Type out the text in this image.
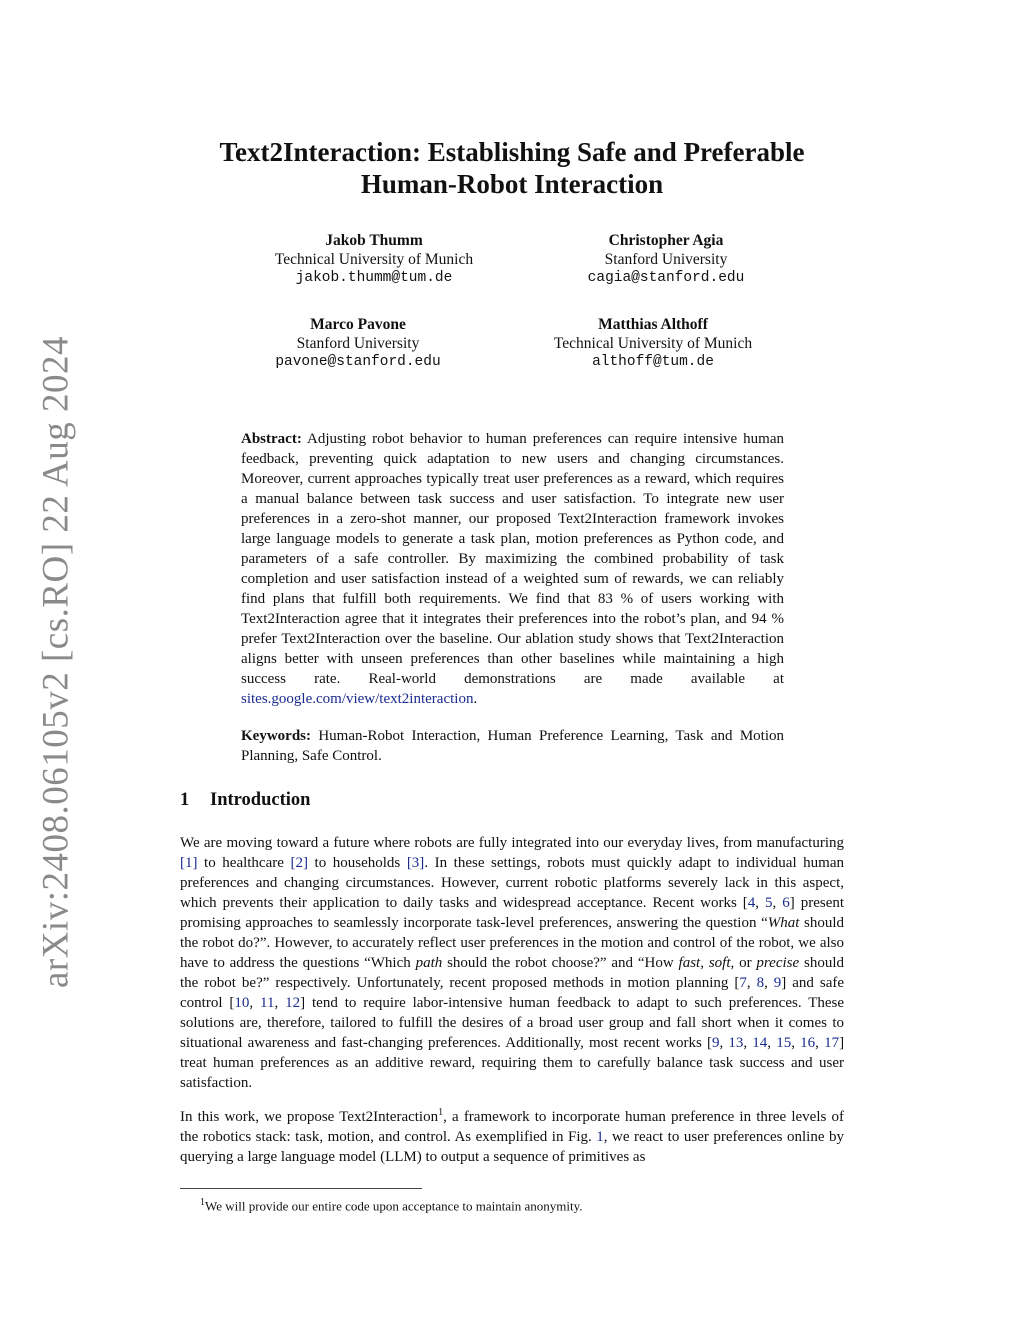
arXiv:2408.06105v2 [cs.RO] 22 Aug 2024
Text2Interaction: Establishing Safe and Preferable
Human-Robot Interaction
Jakob Thumm
Technical University of Munich
jakob.thumm@tum.de
Christopher Agia
Stanford University
cagia@stanford.edu
Marco Pavone
Stanford University
pavone@stanford.edu
Matthias Althoff
Technical University of Munich
althoff@tum.de
Abstract: Adjusting robot behavior to human preferences can require intensive human feedback, preventing quick adaptation to new users and changing circumstances. Moreover, current approaches typically treat user preferences as a reward, which requires a manual balance between task success and user satisfaction. To integrate new user preferences in a zero-shot manner, our proposed Text2Interaction framework invokes large language models to generate a task plan, motion preferences as Python code, and parameters of a safe controller. By maximizing the combined probability of task completion and user satisfaction instead of a weighted sum of rewards, we can reliably find plans that fulfill both requirements. We find that 83 % of users working with Text2Interaction agree that it integrates their preferences into the robot’s plan, and 94 % prefer Text2Interaction over the baseline. Our ablation study shows that Text2Interaction aligns better with unseen preferences than other baselines while maintaining a high success rate. Real-world demonstrations are made available at sites.google.com/view/text2interaction.
Keywords: Human-Robot Interaction, Human Preference Learning, Task and Motion Planning, Safe Control.
1 Introduction

We are moving toward a future where robots are fully integrated into our everyday lives, from manufacturing [1] to healthcare [2] to households [3]. In these settings, robots must quickly adapt to individual human preferences and changing circumstances. However, current robotic platforms severely lack in this aspect, which prevents their application to daily tasks and widespread acceptance. Recent works [4, 5, 6] present promising approaches to seamlessly incorporate task-level preferences, answering the question “What should the robot do?”. However, to accurately reflect user preferences in the motion and control of the robot, we also have to address the questions “Which path should the robot choose?” and “How fast, soft, or precise should the robot be?” respectively. Unfortunately, recent proposed methods in motion planning [7, 8, 9] and safe control [10, 11, 12] tend to require labor-intensive human feedback to adapt to such preferences. These solutions are, therefore, tailored to fulfill the desires of a broad user group and fall short when it comes to situational awareness and fast-changing preferences. Additionally, most recent works [9, 13, 14, 15, 16, 17] treat human preferences as an additive reward, requiring them to carefully balance task success and user satisfaction.

In this work, we propose Text2Interaction$^1$, a framework to incorporate human preference in three levels of the robotics stack: task, motion, and control. As exemplified in Fig. 1, we react to user preferences online by querying a large language model (LLM) to output a sequence of primitives as

$^1$We will provide our entire code upon acceptance to maintain anonymity.
